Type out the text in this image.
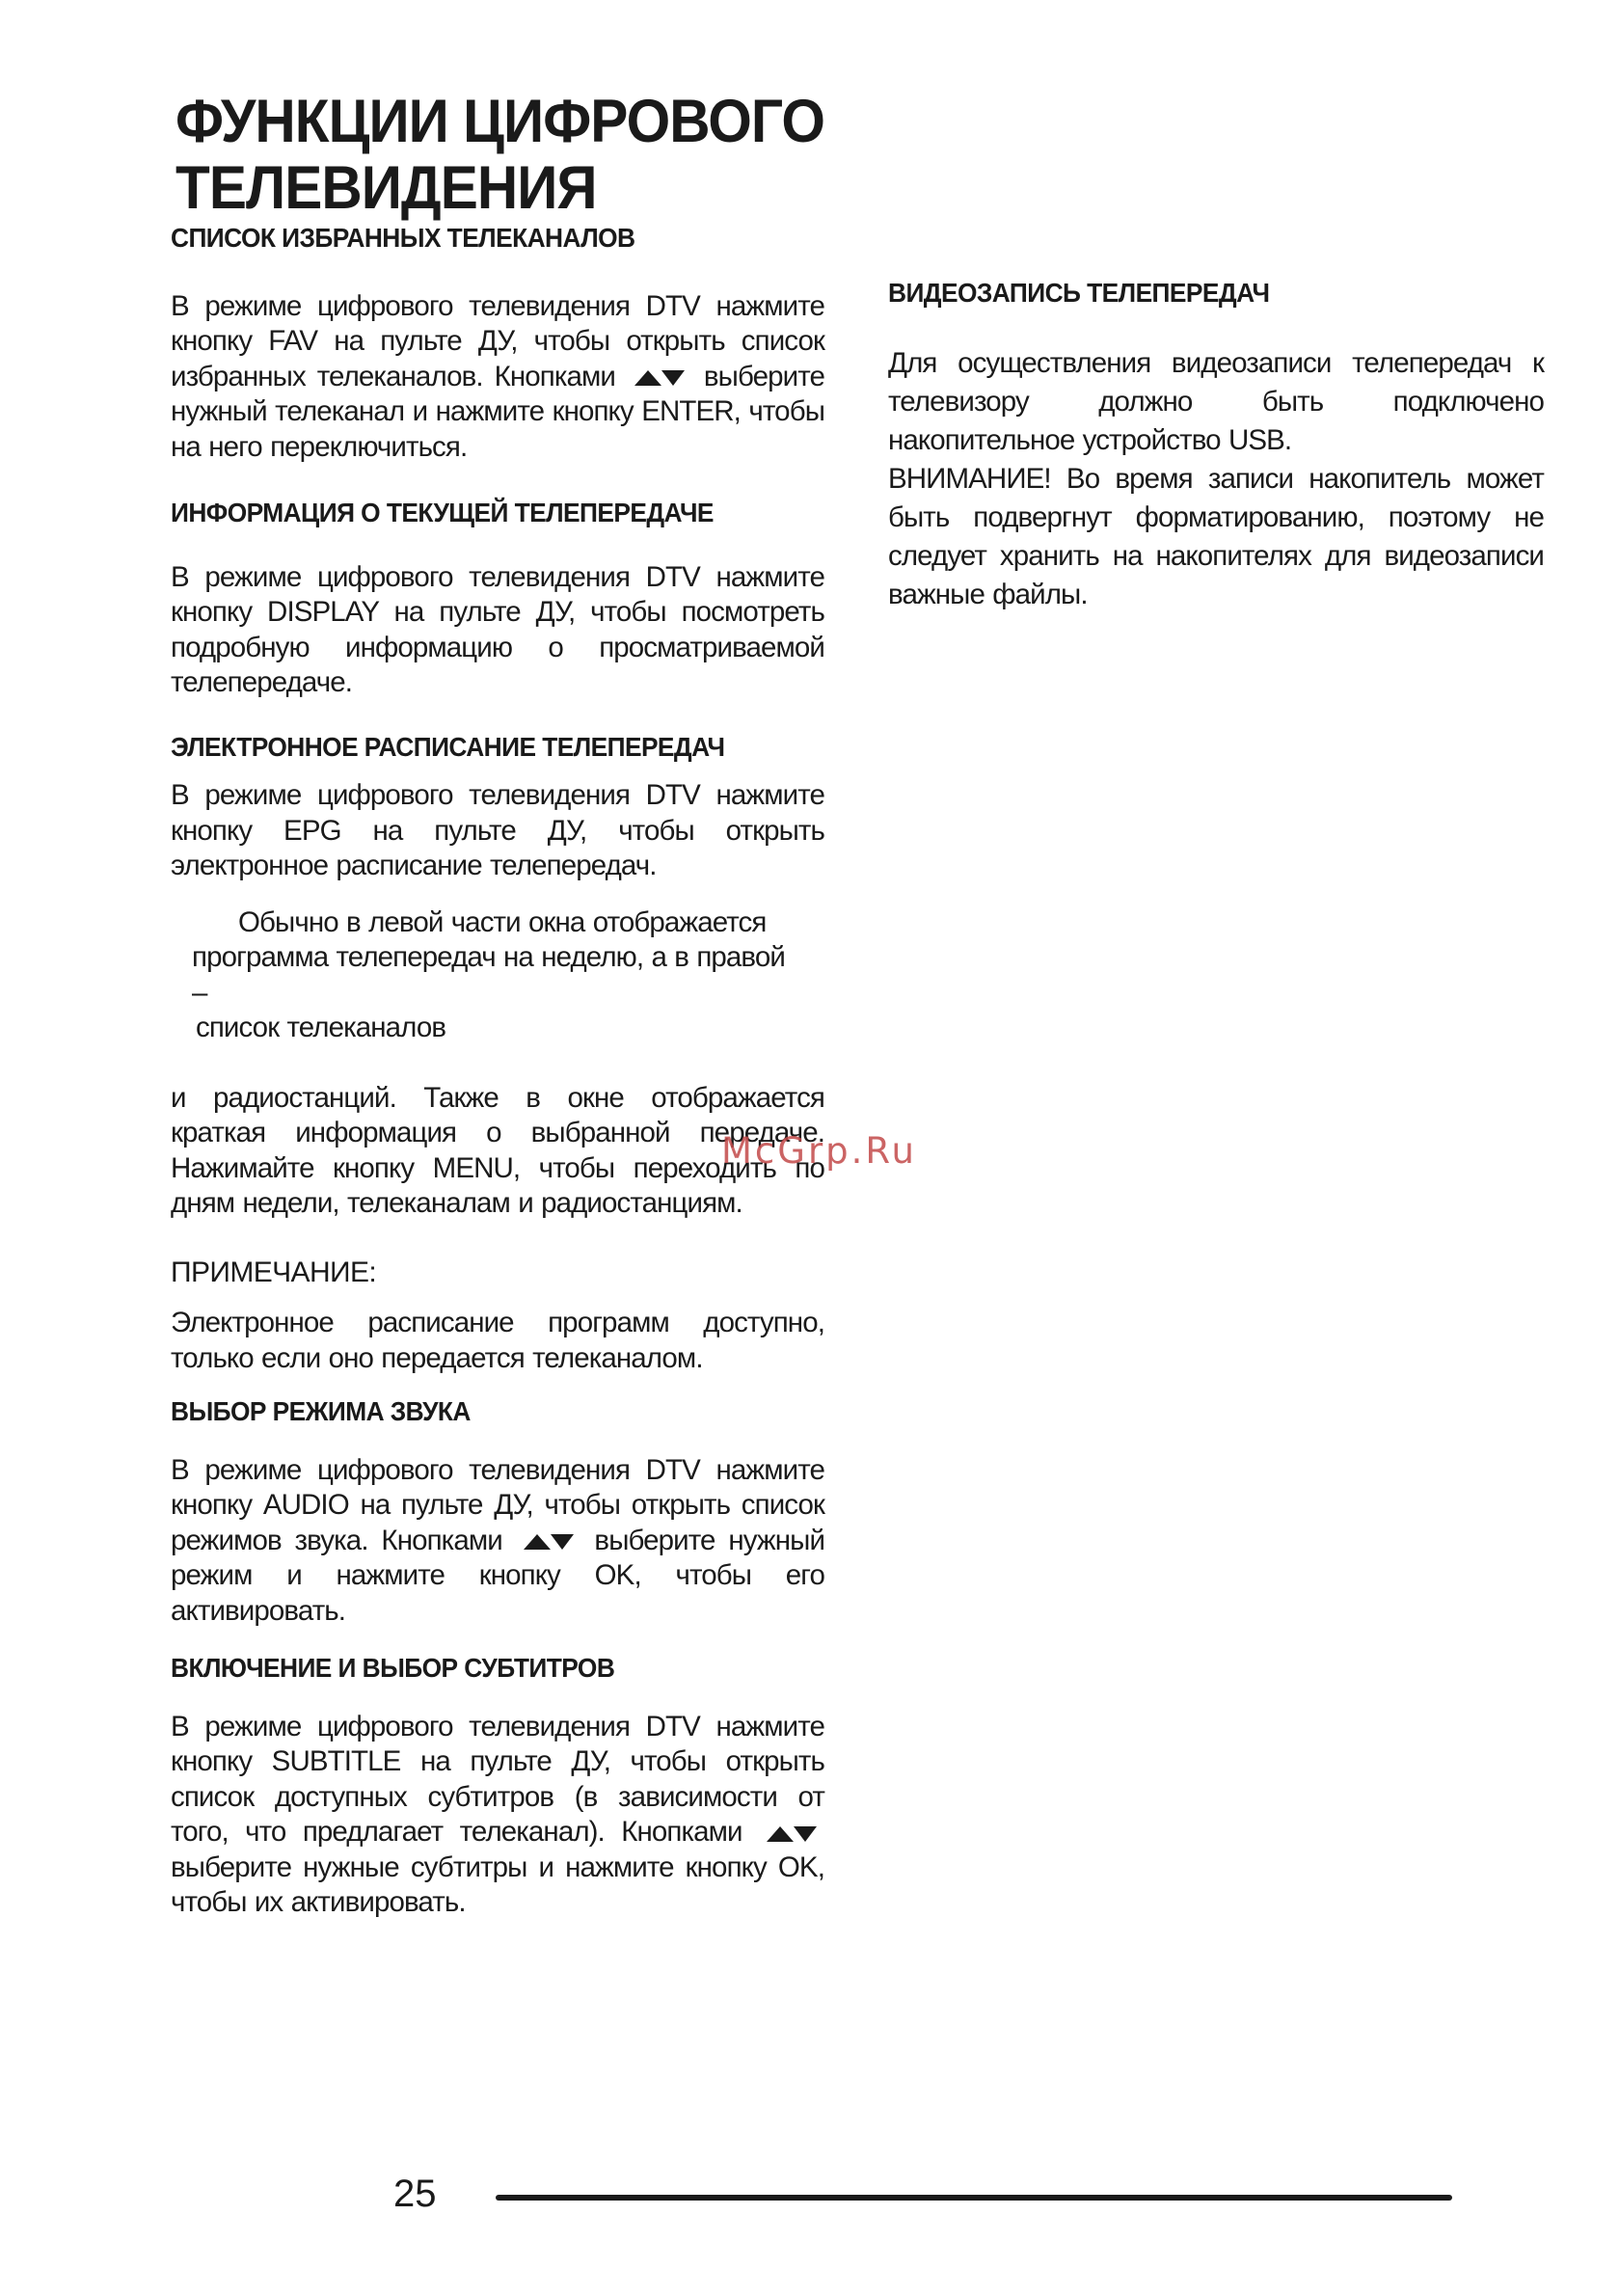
ФУНКЦИИ ЦИФРОВОГО ТЕЛЕВИДЕНИЯ
СПИСОК ИЗБРАННЫХ ТЕЛЕКАНАЛОВ

В режиме цифрового телевидения DTV нажмите кнопку FAV на пульте ДУ, чтобы открыть список избранных телеканалов. Кнопками	выберите нужный телеканал и нажмите кнопку ENTER, чтобы на него переключиться.

ИНФОРМАЦИЯ О ТЕКУЩЕЙ ТЕЛЕПЕРЕДАЧЕ

В режиме цифрового телевидения DTV нажмите кнопку DISPLAY на пульте ДУ, чтобы посмотреть подробную информацию о просматриваемой телепередаче.

ЭЛЕКТРОННОЕ РАСПИСАНИЕ ТЕЛЕПЕРЕДАЧ

В режиме цифрового телевидения DTV нажмите кнопку EPG на пульте ДУ, чтобы открыть электронное расписание телепередач.

Обычно в левой части окна отображается
программа телепередач на неделю, а в правой –
список телеканалов

и радиостанций. Также в окне отображается краткая информация о выбранной передаче. Нажимайте кнопку MENU, чтобы переходить по дням недели, телеканалам и радиостанциям.

ПРИМЕЧАНИЕ:

Электронное расписание программ доступно, только если оно передается телеканалом.

ВЫБОР РЕЖИМА ЗВУКА

В режиме цифрового телевидения DTV нажмите кнопку AUDIO на пульте ДУ, чтобы открыть список режимов звука. Кнопками	выберите нужный режим и нажмите кнопку OK, чтобы его активировать.

ВКЛЮЧЕНИЕ И ВЫБОР СУБТИТРОВ

В режиме цифрового телевидения DTV нажмите кнопку SUBTITLE на пульте ДУ, чтобы открыть список доступных субтитров (в зависимости от того, что предлагает телеканал). Кнопками  выберите нужные субтитры и нажмите кнопку OK, чтобы их активировать.

ВИДЕОЗАПИСЬ ТЕЛЕПЕРЕДАЧ

Для осуществления видеозаписи телепередач к телевизору должно быть подключено накопительное устройство USB.

ВНИМАНИЕ! Во время записи накопитель может быть подвергнут форматированию, поэтому не следует хранить на накопителях для видеозаписи важные файлы.

McGrp.Ru
25
